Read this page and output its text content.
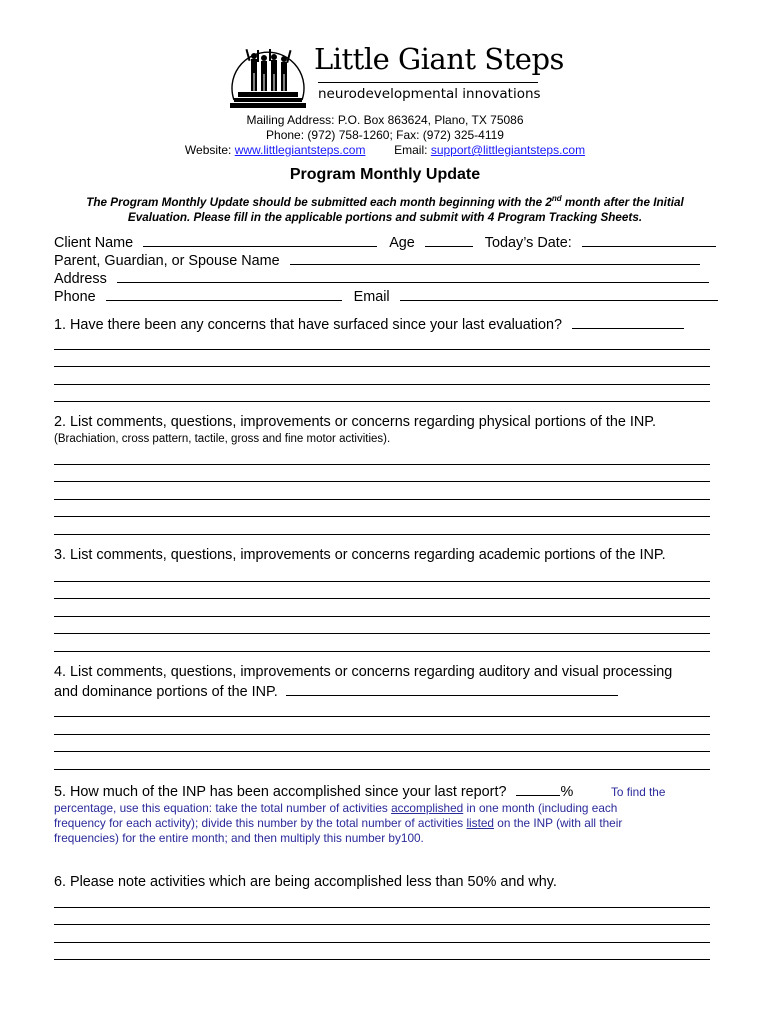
Little Giant Steps
neurodevelopmental innovations
Mailing Address: P.O. Box 863624, Plano, TX 75086
Phone: (972) 758-1260; Fax: (972) 325-4119
Website: www.littlegiantsteps.com Email: support@littlegiantsteps.com
Program Monthly Update
The Program Monthly Update should be submitted each month beginning with the 2nd month after the Initial
Evaluation. Please fill in the applicable portions and submit with 4 Program Tracking Sheets.
Client Name	Age	Today’s Date:
Parent, Guardian, or Spouse Name
Address
Phone	Email
1. Have there been any concerns that have surfaced since your last evaluation?
2. List comments, questions, improvements or concerns regarding physical portions of the INP.
(Brachiation, cross pattern, tactile, gross and fine motor activities).
3. List comments, questions, improvements or concerns regarding academic portions of the INP.
4. List comments, questions, improvements or concerns regarding auditory and visual processing
and dominance portions of the INP.
5. How much of the INP has been accomplished since your last report?	%	To find the
percentage, use this equation: take the total number of activities accomplished in one month (including each
frequency for each activity); divide this number by the total number of activities listed on the INP (with all their
frequencies) for the entire month; and then multiply this number by100.
6. Please note activities which are being accomplished less than 50% and why.
